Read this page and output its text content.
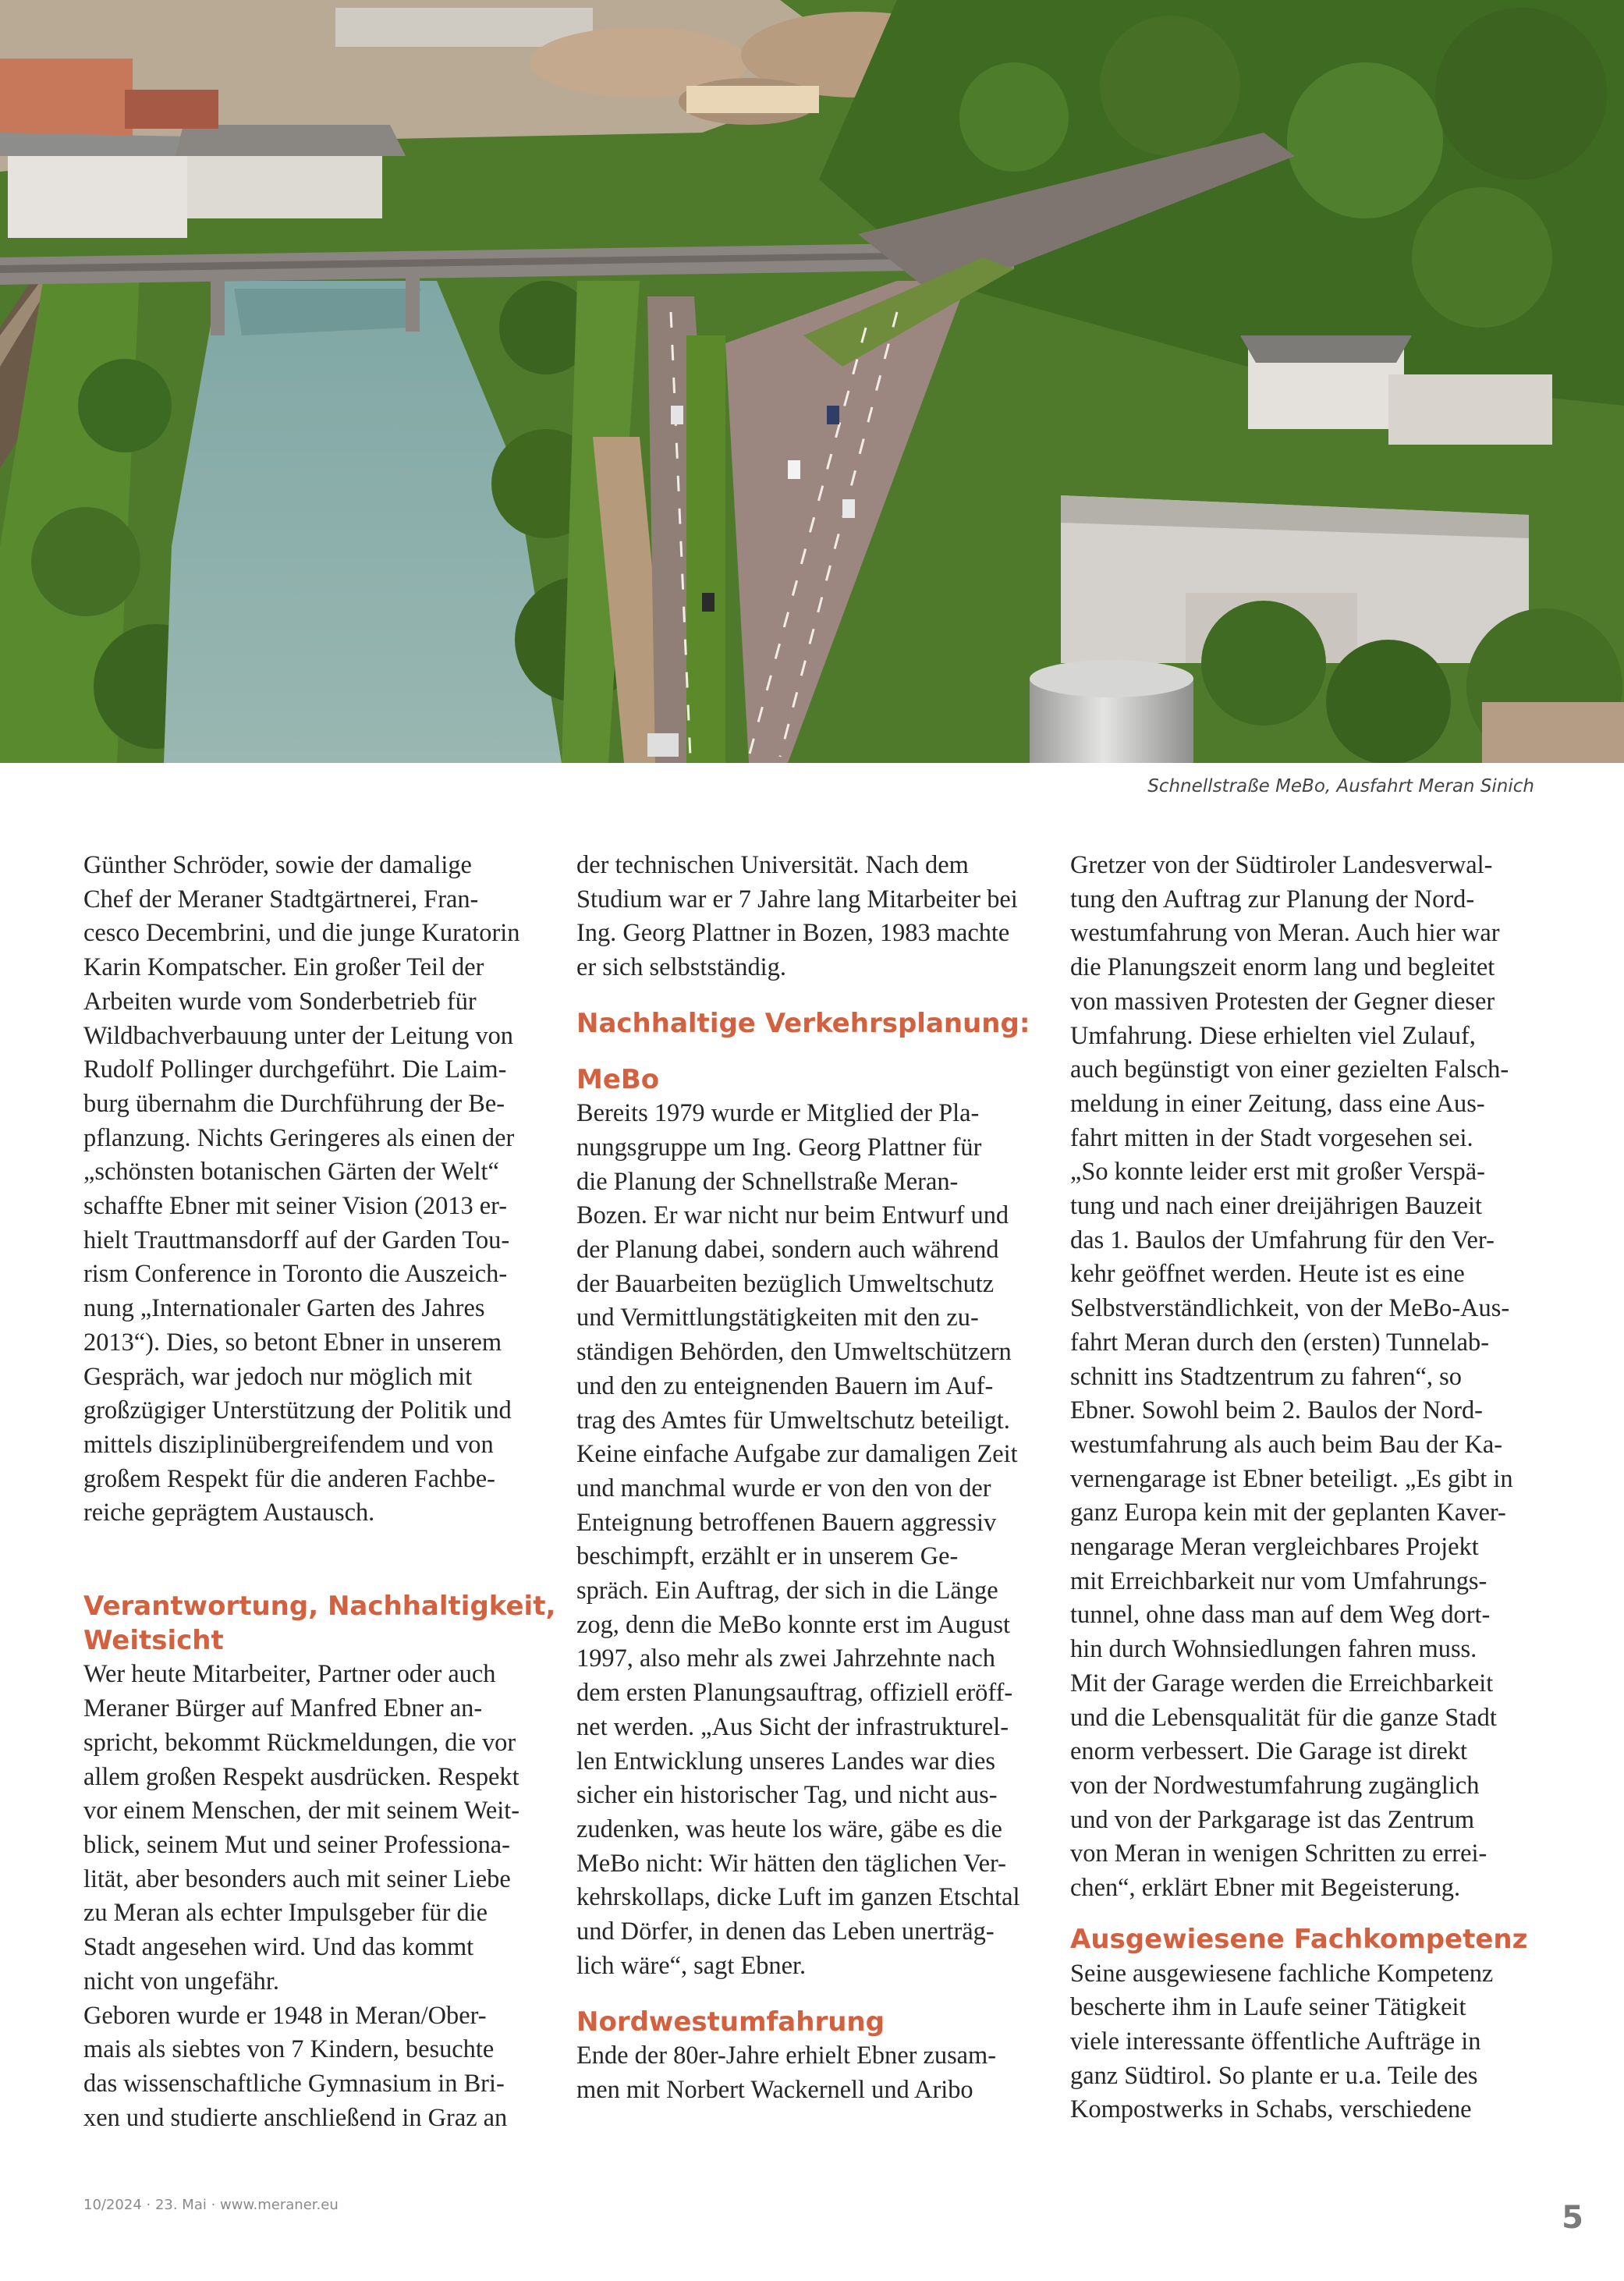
Schnellstraße MeBo, Ausfahrt Meran Sinich

Günther Schröder, sowie der damalige
Chef der Meraner Stadtgärtnerei, Fran-
cesco Decembrini, und die junge Kuratorin
Karin Kompatscher. Ein großer Teil der
Arbeiten wurde vom Sonderbetrieb für
Wildbachverbauung unter der Leitung von
Rudolf Pollinger durchgeführt. Die Laim-
burg übernahm die Durchführung der Be-
pflanzung. Nichts Geringeres als einen der
„schönsten botanischen Gärten der Welt“
schaffte Ebner mit seiner Vision (2013 er-
hielt Trauttmansdorff auf der Garden Tou-
rism Conference in Toronto die Auszeich-
nung „Internationaler Garten des Jahres
2013“). Dies, so betont Ebner in unserem
Gespräch, war jedoch nur möglich mit
großzügiger Unterstützung der Politik und
mittels disziplinübergreifendem und von
großem Respekt für die anderen Fachbe-
reiche geprägtem Austausch.

Verantwortung, Nachhaltigkeit,
Weitsicht

Wer heute Mitarbeiter, Partner oder auch
Meraner Bürger auf Manfred Ebner an-
spricht, bekommt Rückmeldungen, die vor
allem großen Respekt ausdrücken. Respekt
vor einem Menschen, der mit seinem Weit-
blick, seinem Mut und seiner Professiona-
lität, aber besonders auch mit seiner Liebe
zu Meran als echter Impulsgeber für die
Stadt angesehen wird. Und das kommt
nicht von ungefähr.
Geboren wurde er 1948 in Meran/Ober-
mais als siebtes von 7 Kindern, besuchte
das wissenschaftliche Gymnasium in Bri-
xen und studierte anschließend in Graz an

der technischen Universität. Nach dem
Studium war er 7 Jahre lang Mitarbeiter bei
Ing. Georg Plattner in Bozen, 1983 machte
er sich selbstständig.

Nachhaltige Verkehrsplanung:
MeBo

Bereits 1979 wurde er Mitglied der Pla-
nungsgruppe um Ing. Georg Plattner für
die Planung der Schnellstraße Meran-
Bozen. Er war nicht nur beim Entwurf und
der Planung dabei, sondern auch während
der Bauarbeiten bezüglich Umweltschutz
und Vermittlungstätigkeiten mit den zu-
ständigen Behörden, den Umweltschützern
und den zu enteignenden Bauern im Auf-
trag des Amtes für Umweltschutz beteiligt.
Keine einfache Aufgabe zur damaligen Zeit
und manchmal wurde er von den von der
Enteignung betroffenen Bauern aggressiv
beschimpft, erzählt er in unserem Ge-
spräch. Ein Auftrag, der sich in die Länge
zog, denn die MeBo konnte erst im August
1997, also mehr als zwei Jahrzehnte nach
dem ersten Planungsauftrag, offiziell eröff-
net werden. „Aus Sicht der infrastrukturel-
len Entwicklung unseres Landes war dies
sicher ein historischer Tag, und nicht aus-
zudenken, was heute los wäre, gäbe es die
MeBo nicht: Wir hätten den täglichen Ver-
kehrskollaps, dicke Luft im ganzen Etschtal
und Dörfer, in denen das Leben unerträg-
lich wäre“, sagt Ebner.

Nordwestumfahrung

Ende der 80er-Jahre erhielt Ebner zusam-
men mit Norbert Wackernell und Aribo

Gretzer von der Südtiroler Landesverwal-
tung den Auftrag zur Planung der Nord-
westumfahrung von Meran. Auch hier war
die Planungszeit enorm lang und begleitet
von massiven Protesten der Gegner dieser
Umfahrung. Diese erhielten viel Zulauf,
auch begünstigt von einer gezielten Falsch-
meldung in einer Zeitung, dass eine Aus-
fahrt mitten in der Stadt vorgesehen sei.
„So konnte leider erst mit großer Verspä-
tung und nach einer dreijährigen Bauzeit
das 1. Baulos der Umfahrung für den Ver-
kehr geöffnet werden. Heute ist es eine
Selbstverständlichkeit, von der MeBo-Aus-
fahrt Meran durch den (ersten) Tunnelab-
schnitt ins Stadtzentrum zu fahren“, so
Ebner. Sowohl beim 2. Baulos der Nord-
westumfahrung als auch beim Bau der Ka-
vernengarage ist Ebner beteiligt. „Es gibt in
ganz Europa kein mit der geplanten Kaver-
nengarage Meran vergleichbares Projekt
mit Erreichbarkeit nur vom Umfahrungs-
tunnel, ohne dass man auf dem Weg dort-
hin durch Wohnsiedlungen fahren muss.
Mit der Garage werden die Erreichbarkeit
und die Lebensqualität für die ganze Stadt
enorm verbessert. Die Garage ist direkt
von der Nordwestumfahrung zugänglich
und von der Parkgarage ist das Zentrum
von Meran in wenigen Schritten zu errei-
chen“, erklärt Ebner mit Begeisterung.

Ausgewiesene Fachkompetenz

Seine ausgewiesene fachliche Kompetenz
bescherte ihm in Laufe seiner Tätigkeit
viele interessante öffentliche Aufträge in
ganz Südtirol. So plante er u.a. Teile des
Kompostwerks in Schabs, verschiedene

10/2024 · 23. Mai · www.meraner.eu	5
